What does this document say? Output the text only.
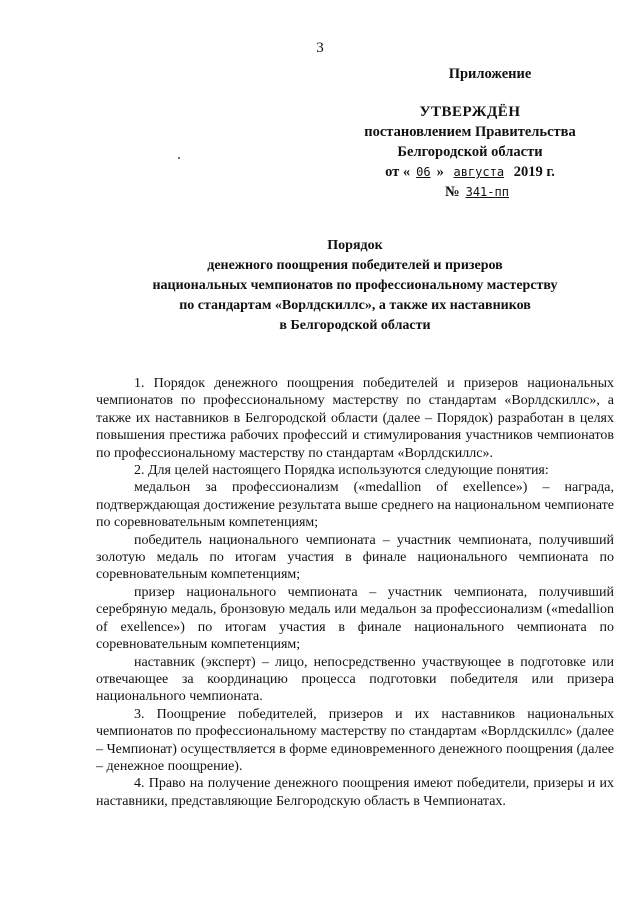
3
Приложение
УТВЕРЖДЁН
постановлением Правительства
Белгородской области
от « 06 » августа 2019 г.
№ 341-пп
Порядок
денежного поощрения победителей и призеров
национальных чемпионатов по профессиональному мастерству
по стандартам «Ворлдскиллс», а также их наставников
в Белгородской области

1. Порядок денежного поощрения победителей и призеров национальных чемпионатов по профессиональному мастерству по стандартам «Ворлдскиллс», а также их наставников в Белгородской области (далее – Порядок) разработан в целях повышения престижа рабочих профессий и стимулирования участников чемпионатов по профессиональному мастерству по стандартам «Ворлдскиллс».

2. Для целей настоящего Порядка используются следующие понятия:

медальон за профессионализм («medallion of exellence») – награда, подтверждающая достижение результата выше среднего на национальном чемпионате по соревновательным компетенциям;

победитель национального чемпионата – участник чемпионата, получивший золотую медаль по итогам участия в финале национального чемпионата по соревновательным компетенциям;

призер национального чемпионата – участник чемпионата, получивший серебряную медаль, бронзовую медаль или медальон за профессионализм («medallion of exellence») по итогам участия в финале национального чемпионата по соревновательным компетенциям;

наставник (эксперт) – лицо, непосредственно участвующее в подготовке или отвечающее за координацию процесса подготовки победителя или призера национального чемпионата.

3. Поощрение победителей, призеров и их наставников национальных чемпионатов по профессиональному мастерству по стандартам «Ворлдскиллс» (далее – Чемпионат) осуществляется в форме единовременного денежного поощрения (далее – денежное поощрение).

4. Право на получение денежного поощрения имеют победители, призеры и их наставники, представляющие Белгородскую область в Чемпионатах.
